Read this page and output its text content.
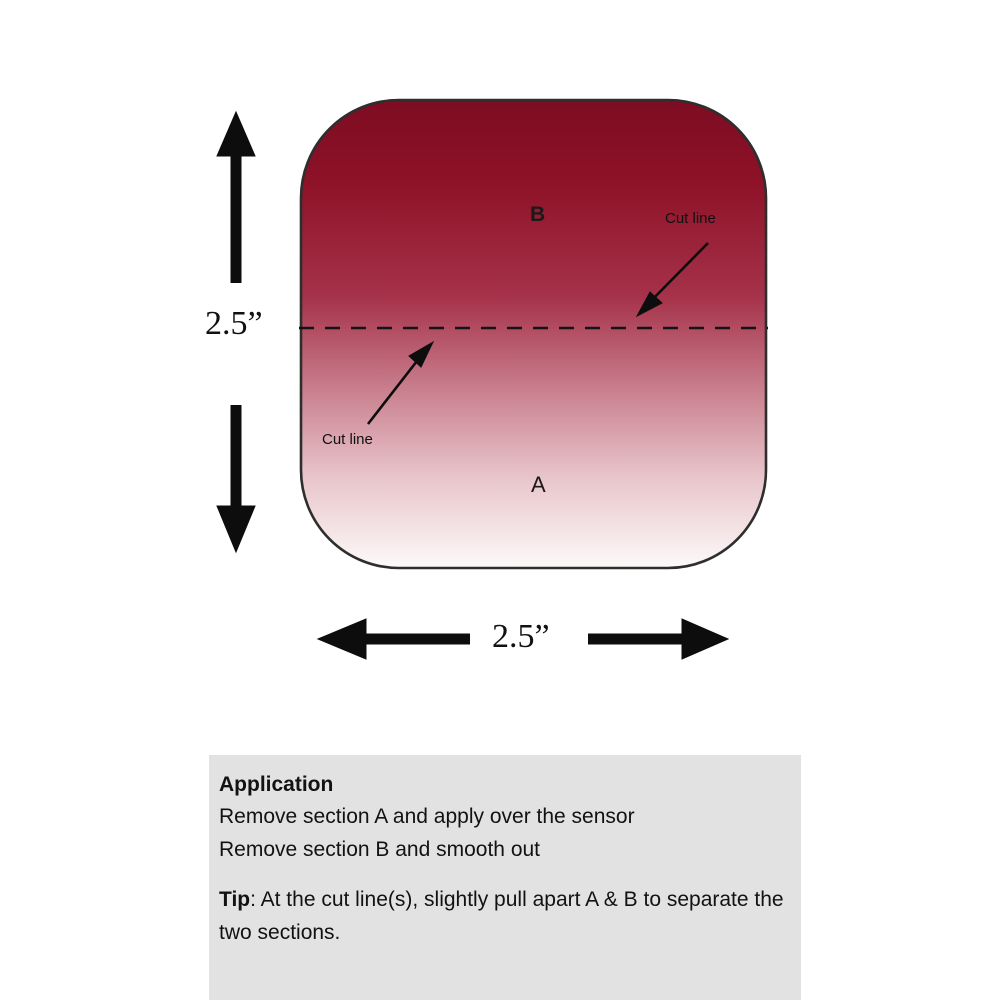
2.5”
2.5”
B
A
Cut line
Cut line
Application
Remove section A and apply over the sensor
Remove section B and smooth out
Tip: At the cut line(s), slightly pull apart A & B to separate the two sections.
